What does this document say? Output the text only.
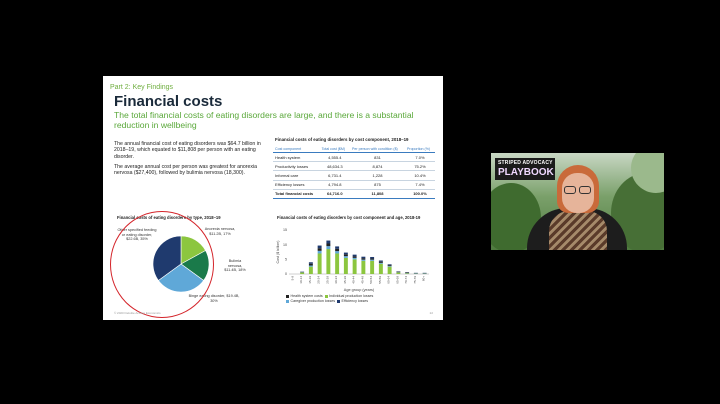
Part 2: Key Findings
Financial costs
The total financial costs of eating disorders are large, and there is a substantial reduction in wellbeing
The annual financial cost of eating disorders was $64.7 billion in 2018–19, which equated to $11,808 per person with an eating disorder.
The average annual cost per person was greatest for anorexia nervosa ($27,400), followed by bulimia nervosa (18,300).
Financial costs of eating disorders by cost component, 2018–19
Cost component	Total cost ($M)	Per person with condition ($)	Proportion (%)
Health system	4,555.4	831	7.0%
Productivity losses	48,634.3	8,874	75.2%
Informal care	6,731.4	1,228	10.4%
Efficiency losses	4,794.8	875	7.4%
Total financial costs	64,716.0	11,808	100.0%
Financial costs of eating disorders by type, 2018–19
Other specified feeding or eating disorder, $22.6B, 35%
Anorexia nervosa, $11.2B, 17%
Bulimia nervosa, $11.4B, 18%
Binge eating disorder, $19.4B, 30%
Financial costs of eating disorders by cost component and age, 2018-19
0
5
10
15
Cost ($ billion)
5-9 10-14 15-19 20-24 25-29 30-34 35-39 40-44 45-49 50-54 55-59 60-64 65-69 70-74 75-79 80+
Age group (years)
Health system costs Individual production losses
Caregiver production losses Efficiency losses
© 2020 Deloitte Access Economics	22
STRIPED ADVOCACY
PLAYBOOK
